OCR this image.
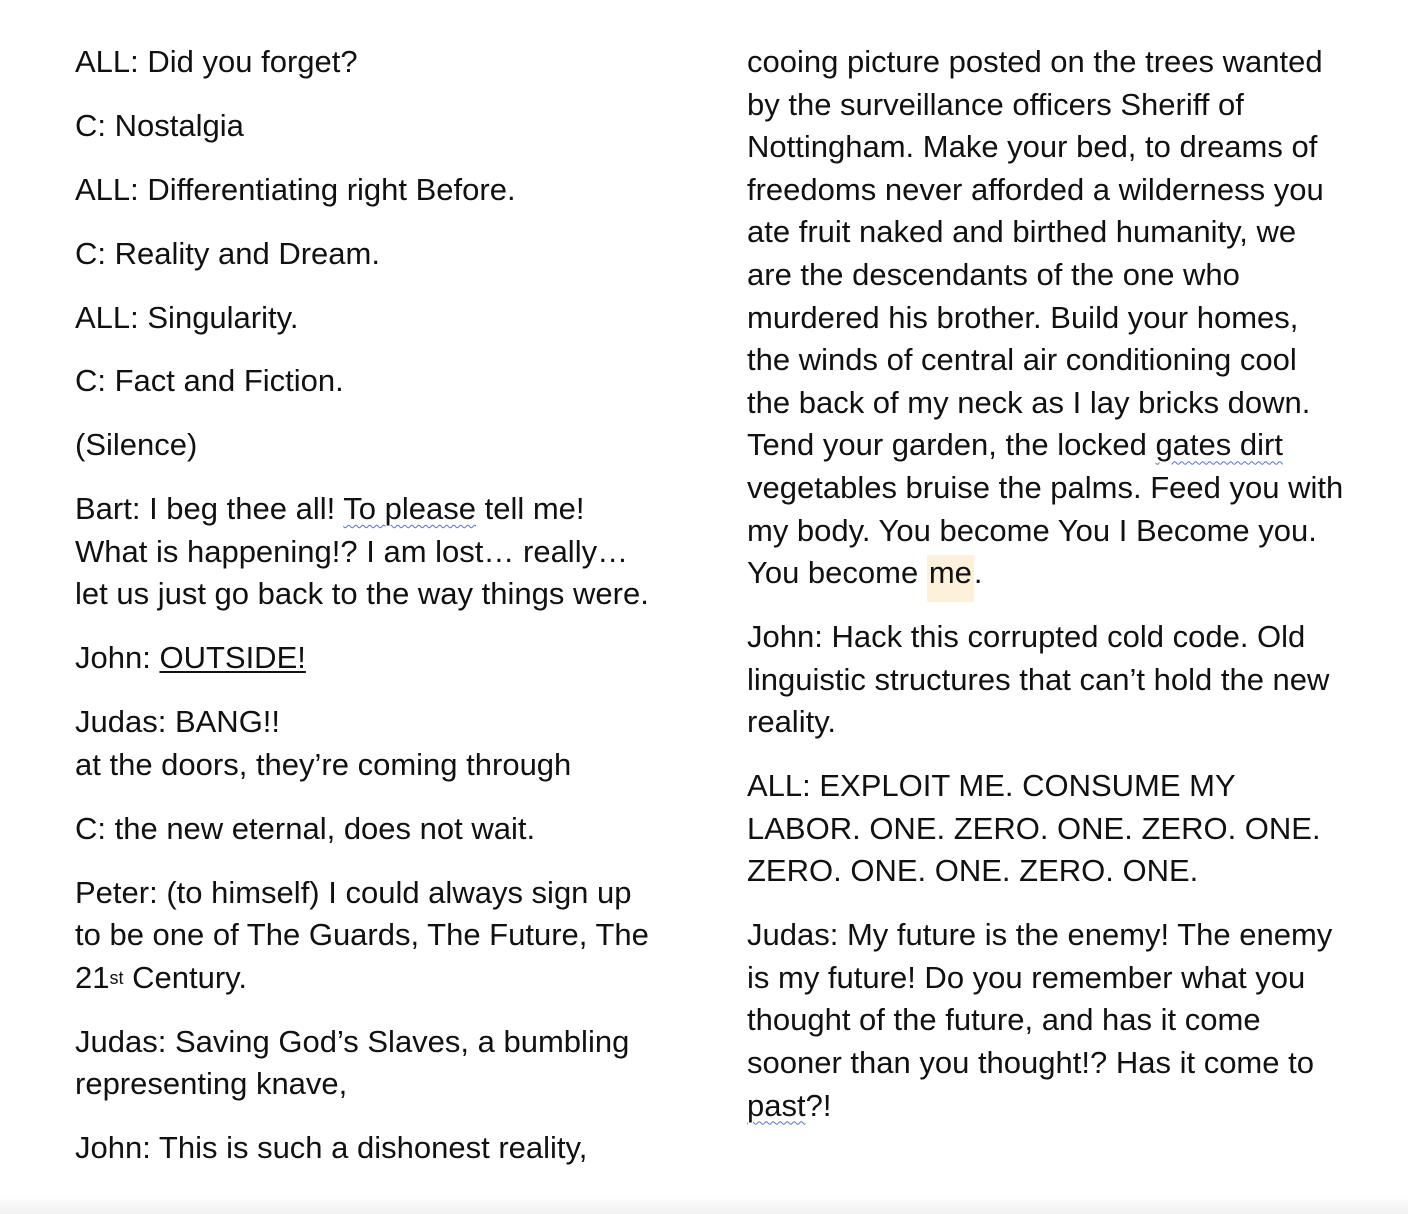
ALL: Did you forget?

C: Nostalgia

ALL: Differentiating right Before.

C: Reality and Dream.

ALL: Singularity.

C: Fact and Fiction.

(Silence)

Bart: I beg thee all! To please tell me! What is happening!? I am lost… really… let us just go back to the way things were.

John: OUTSIDE!

Judas: BANG!!
at the doors, they’re coming through

C: the new eternal, does not wait.

Peter: (to himself) I could always sign up to be one of The Guards, The Future, The 21st Century.

Judas: Saving God’s Slaves, a bumbling representing knave,

John: This is such a dishonest reality,

cooing picture posted on the trees wanted by the surveillance officers Sheriff of Nottingham. Make your bed, to dreams of freedoms never afforded a wilderness you ate fruit naked and birthed humanity, we are the descendants of the one who murdered his brother. Build your homes, the winds of central air conditioning cool the back of my neck as I lay bricks down. Tend your garden, the locked gates dirt vegetables bruise the palms. Feed you with my body. You become You I Become you.
You become me.

John: Hack this corrupted cold code. Old linguistic structures that can’t hold the new reality.

ALL: EXPLOIT ME. CONSUME MY LABOR. ONE. ZERO. ONE. ZERO. ONE. ZERO. ONE. ONE. ZERO. ONE.

Judas: My future is the enemy! The enemy is my future! Do you remember what you thought of the future, and has it come sooner than you thought!? Has it come to past?!
